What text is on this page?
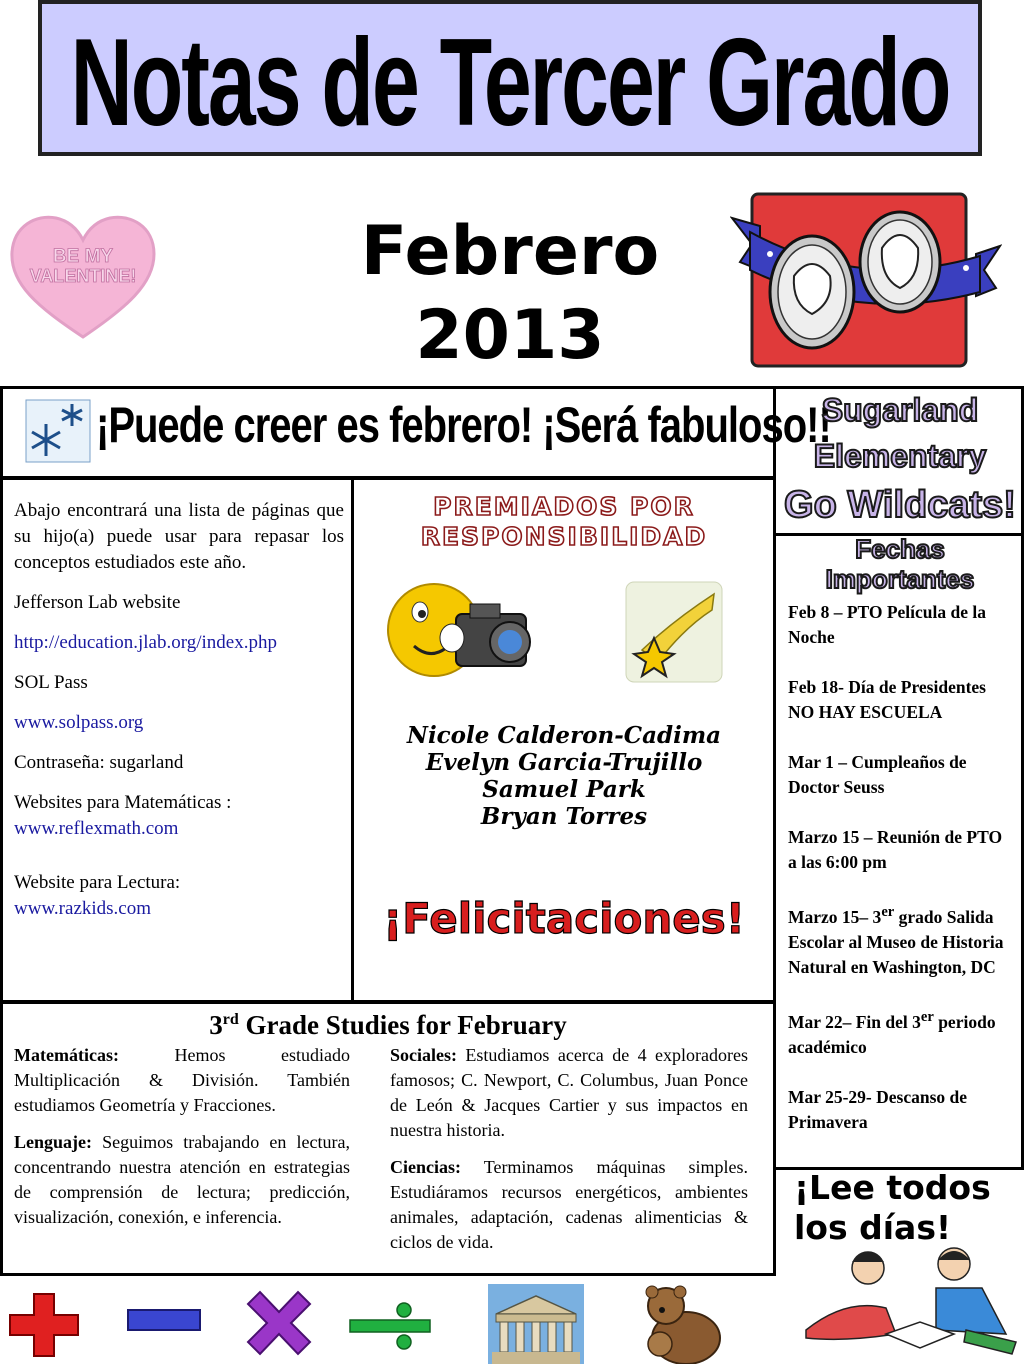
Notas de Tercer Grado
BE MY
VALENTINE!	Febrero
2013
¡Puede creer es febrero! ¡Será fabuloso!!
Sugarland
Elementary
Go Wildcats!
Fechas
Importantes

Abajo encontrará una lista de páginas que su hijo(a) puede usar para repasar los conceptos estudiados este año.

Jefferson Lab website

http://education.jlab.org/index.php

SOL Pass

www.solpass.org

Contraseña: sugarland

Websites para Matemáticas :
www.reflexmath.com

Website para Lectura:
www.razkids.com

PREMIADOS POR
RESPONSIBILIDAD
Nicole Calderon-Cadima
Evelyn Garcia-Trujillo
Samuel Park
Bryan Torres
¡Felicitaciones!
3rd Grade Studies for February

Matemáticas: Hemos estudiado Multiplicación & División. También estudiamos Geometría y Fracciones.

Lenguaje: Seguimos trabajando en lectura, concentrando nuestra atención en estrategias de comprensión de lectura; predicción, visualización, conexión, e inferencia.

Sociales: Estudiamos acerca de 4 exploradores famosos; C. Newport, C. Columbus, Juan Ponce de León & Jacques Cartier y sus impactos en nuestra historia.

Ciencias: Terminamos máquinas simples. Estudiáramos recursos energéticos, ambientes animales, adaptación, cadenas alimenticias & ciclos de vida.

Feb 8 – PTO Película de la Noche

Feb 18- Día de Presidentes
NO HAY ESCUELA

Mar 1 – Cumpleaños de Doctor Seuss

Marzo 15 – Reunión de PTO a las 6:00 pm

Marzo 15– 3er grado Salida Escolar al Museo de Historia Natural en Washington, DC

Mar 22– Fin del 3er periodo académico

Mar 25-29- Descanso de Primavera

¡Lee todos
los días!
